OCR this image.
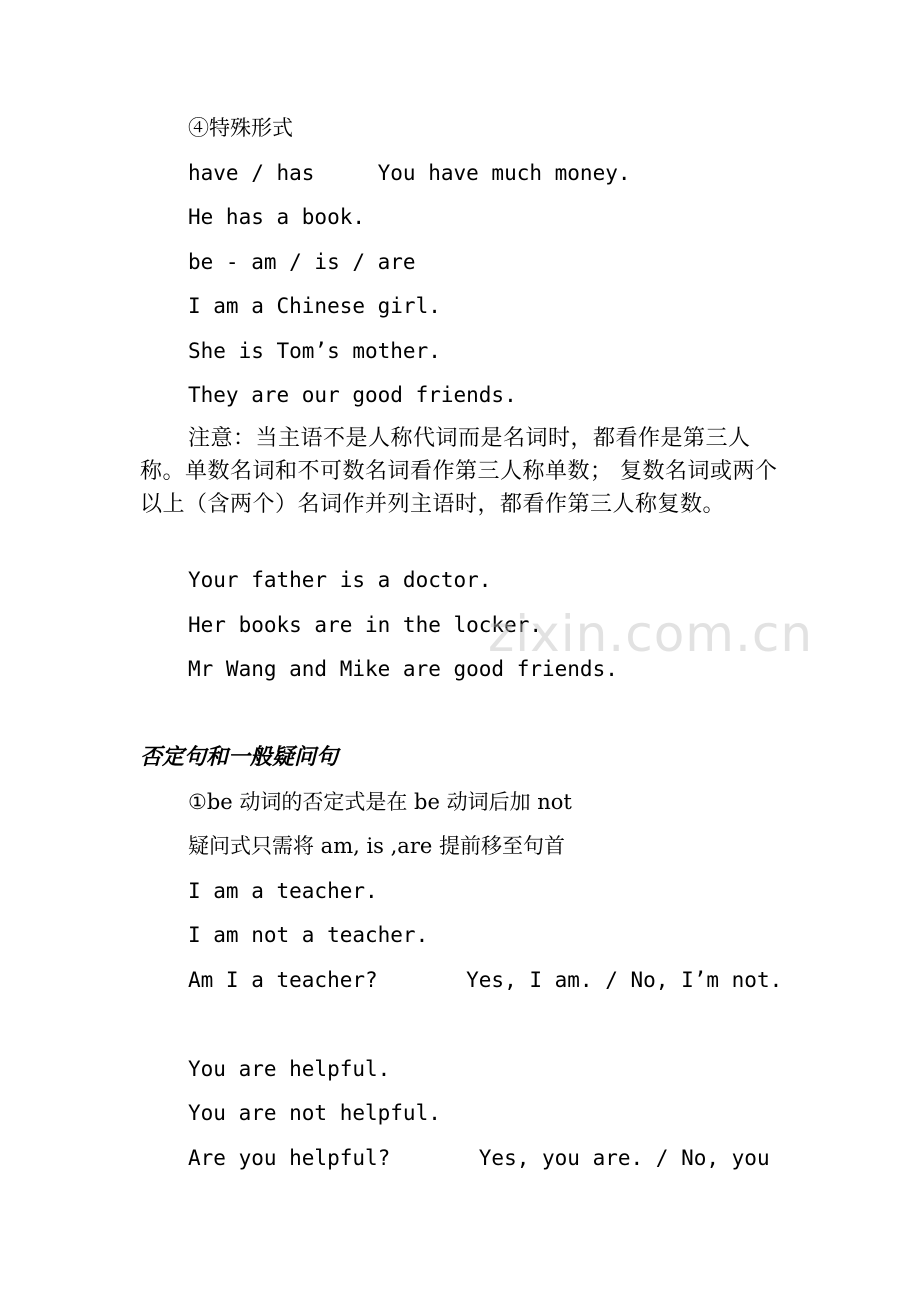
④特殊形式
have / has     You have much money.
He has a book.
be - am / is / are
I am a Chinese girl.
She is Tom’s mother.
They are our good friends.
注意：当主语不是人称代词而是名词时，都看作是第三人称。单数名词和不可数名词看作第三人称单数； 复数名词或两个以上（含两个）名词作并列主语时，都看作第三人称复数。
Your father is a doctor.
Her books are in the locker.
Mr Wang and Mike are good friends.
否定句和一般疑问句
①be 动词的否定式是在 be 动词后加 not
疑问式只需将 am, is ,are 提前移至句首
I am a teacher.
I am not a teacher.
Am I a teacher?       Yes, I am. / No, I’m not.
You are helpful.
You are not helpful.
Are you helpful?       Yes, you are. / No, you
zixin.com.cn
